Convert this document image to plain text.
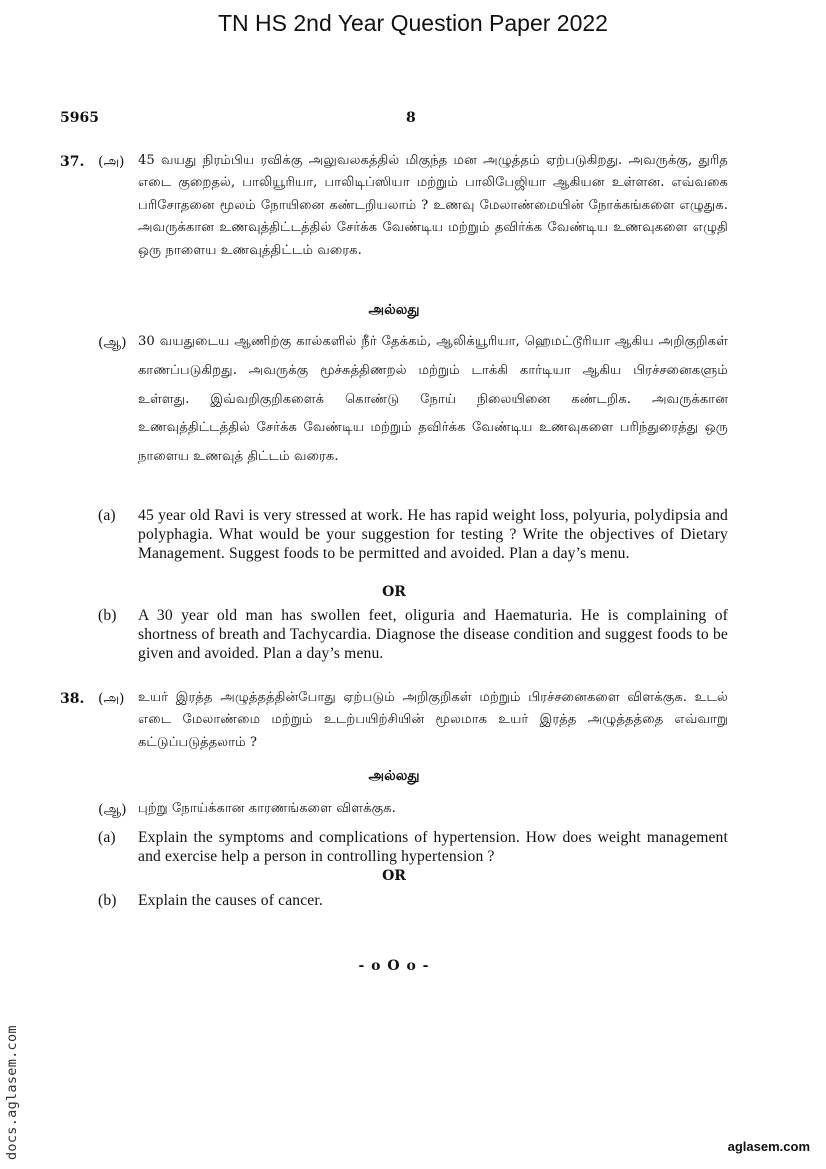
TN HS 2nd Year Question Paper 2022
5965	8
37. (அ) 45 வயது நிரம்பிய ரவிக்கு அலுவலகத்தில் மிகுந்த மன அழுத்தம் ஏற்படுகிறது. அவருக்கு, துரித எடை குறைதல், பாலியூரியா, பாலிடிப்ஸியா மற்றும் பாலிபேஜியா ஆகியன உள்ளன. எவ்வகை பரிசோதனை மூலம் நோயினை கண்டறியலாம் ? உணவு மேலாண்மையின் நோக்கங்களை எழுதுக. அவருக்கான உணவுத்திட்டத்தில் சேர்க்க வேண்டிய மற்றும் தவிர்க்க வேண்டிய உணவுகளை எழுதி ஒரு நாளைய உணவுத்திட்டம் வரைக.
அல்லது
(ஆ) 30 வயதுடைய ஆணிற்கு கால்களில் நீர் தேக்கம், ஆலிக்யூரியா, ஹெமட்டூரியா ஆகிய அறிகுறிகள் காணப்படுகிறது. அவருக்கு மூச்சுத்திணறல் மற்றும் டாக்கி கார்டியா ஆகிய பிரச்சனைகளும் உள்ளது. இவ்வறிகுறிகளைக் கொண்டு நோய் நிலையினை கண்டறிக. அவருக்கான உணவுத்திட்டத்தில் சேர்க்க வேண்டிய மற்றும் தவிர்க்க வேண்டிய உணவுகளை பரிந்துரைத்து ஒரு நாளைய உணவுத் திட்டம் வரைக.
(a) 45 year old Ravi is very stressed at work. He has rapid weight loss, polyuria, polydipsia and polyphagia. What would be your suggestion for testing ? Write the objectives of Dietary Management. Suggest foods to be permitted and avoided. Plan a day’s menu.
OR
(b) A 30 year old man has swollen feet, oliguria and Haematuria. He is complaining of shortness of breath and Tachycardia. Diagnose the disease condition and suggest foods to be given and avoided. Plan a day’s menu.
38. (அ) உயர் இரத்த அழுத்தத்தின்போது ஏற்படும் அறிகுறிகள் மற்றும் பிரச்சனைகளை விளக்குக. உடல் எடை மேலாண்மை மற்றும் உடற்பயிற்சியின் மூலமாக உயர் இரத்த அழுத்தத்தை எவ்வாறு கட்டுப்படுத்தலாம் ?
அல்லது
(ஆ) புற்று நோய்க்கான காரணங்களை விளக்குக.
(a) Explain the symptoms and complications of hypertension. How does weight management and exercise help a person in controlling hypertension ?
OR
(b) Explain the causes of cancer.
- o O o -
docs.aglasem.com	aglasem.com
